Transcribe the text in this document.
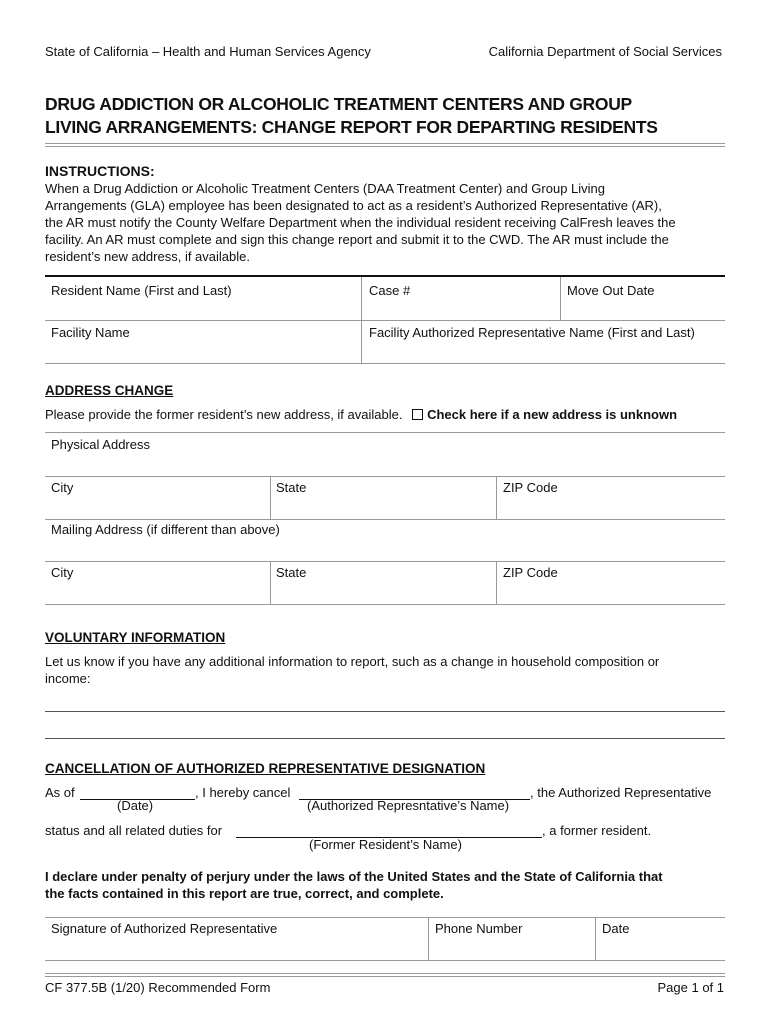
State of California – Health and Human Services Agency	California Department of Social Services
DRUG ADDICTION OR ALCOHOLIC TREATMENT CENTERS AND GROUP
LIVING ARRANGEMENTS: CHANGE REPORT FOR DEPARTING RESIDENTS
INSTRUCTIONS:
When a Drug Addiction or Alcoholic Treatment Centers (DAA Treatment Center) and Group Living
Arrangements (GLA) employee has been designated to act as a resident’s Authorized Representative (AR),
the AR must notify the County Welfare Department when the individual resident receiving CalFresh leaves the
facility. An AR must complete and sign this change report and submit it to the CWD. The AR must include the
resident’s new address, if available.
Resident Name (First and Last)	Case #	Move Out Date
Facility Name	Facility Authorized Representative Name (First and Last)
ADDRESS CHANGE
Please provide the former resident’s new address, if available. Check here if a new address is unknown
Physical Address
City	State	ZIP Code
Mailing Address (if different than above)
City	State	ZIP Code
VOLUNTARY INFORMATION
Let us know if you have any additional information to report, such as a change in household composition or
income:
CANCELLATION OF AUTHORIZED REPRESENTATIVE DESIGNATION
As of	, I hereby cancel	, the Authorized Representative
(Date)	(Authorized Represntative’s Name)
status and all related duties for	, a former resident.
(Former Resident’s Name)
I declare under penalty of perjury under the laws of the United States and the State of California that
the facts contained in this report are true, correct, and complete.
Signature of Authorized Representative	Phone Number	Date
CF 377.5B (1/20) Recommended Form	Page 1 of 1
